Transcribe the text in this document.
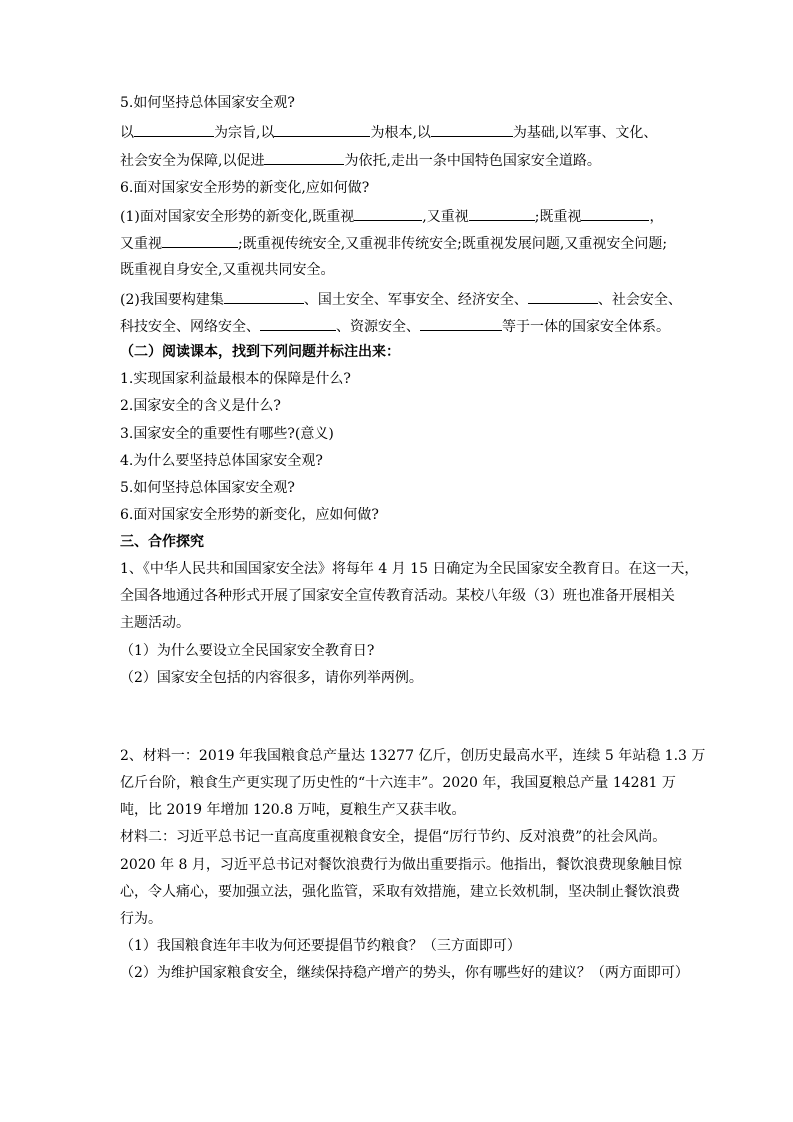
5.如何坚持总体国家安全观?
以	为宗旨,以	为根本,以	为基础,以军事、文化、
社会安全为保障,以促进	为依托,走出一条中国特色国家安全道路。
6.面对国家安全形势的新变化,应如何做?
(1)面对国家安全形势的新变化,既重视	,又重视	;既重视	，
又重视	;既重视传统安全,又重视非传统安全;既重视发展问题,又重视安全问题;
既重视自身安全,又重视共同安全。
(2)我国要构建集	、国土安全、军事安全、经济安全、	、社会安全、
科技安全、网络安全、	、资源安全、	等于一体的国家安全体系。
（二）阅读课本，找到下列问题并标注出来：
1.实现国家利益最根本的保障是什么?
2.国家安全的含义是什么?
3.国家安全的重要性有哪些?(意义)
4.为什么要坚持总体国家安全观?
5.如何坚持总体国家安全观?
6.面对国家安全形势的新变化，应如何做?
三、合作探究
1、《中华人民共和国国家安全法》将每年 4 月 15 日确定为全民国家安全教育日。在这一天，
全国各地通过各种形式开展了国家安全宣传教育活动。某校八年级（3）班也准备开展相关
主题活动。
（1）为什么要设立全民国家安全教育日?
（2）国家安全包括的内容很多，请你列举两例。
2、材料一：2019 年我国粮食总产量达 13277 亿斤，创历史最高水平，连续 5 年站稳 1.3 万
亿斤台阶，粮食生产更实现了历史性的“十六连丰”。2020 年，我国夏粮总产量 14281 万
吨，比 2019 年增加 120.8 万吨，夏粮生产又获丰收。
材料二：习近平总书记一直高度重视粮食安全，提倡“厉行节约、反对浪费”的社会风尚。
2020 年 8 月，习近平总书记对餐饮浪费行为做出重要指示。他指出，餐饮浪费现象触目惊
心，令人痛心，要加强立法，强化监管，采取有效措施，建立长效机制，坚决制止餐饮浪费
行为。
（1）我国粮食连年丰收为何还要提倡节约粮食？（三方面即可）
（2）为维护国家粮食安全，继续保持稳产增产的势头，你有哪些好的建议？（两方面即可）
